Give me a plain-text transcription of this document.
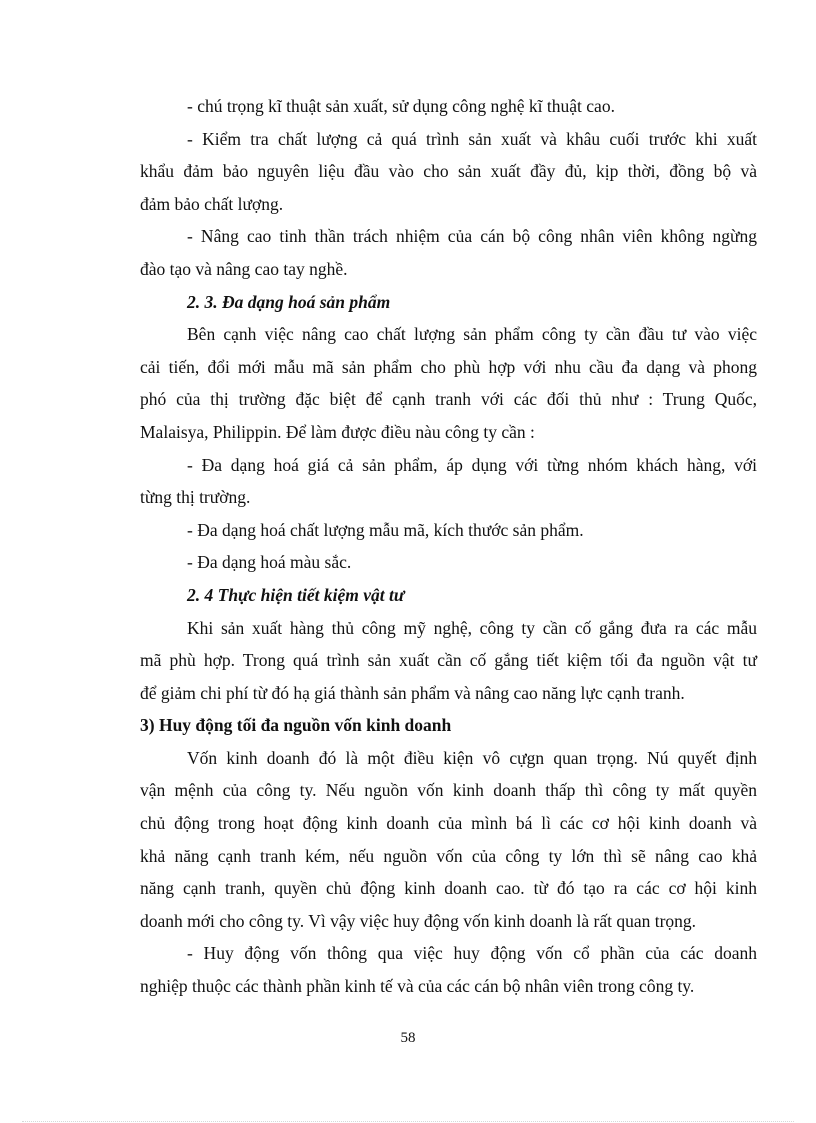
- chú trọng kĩ thuật sản xuất, sử dụng công nghệ kĩ thuật cao.
- Kiểm tra chất lượng cả quá trình sản xuất và khâu cuối trước khi xuất
khẩu đảm bảo nguyên liệu đầu vào cho sản xuất đầy đủ, kịp thời, đồng bộ và
đảm bảo chất lượng.
- Nâng cao tinh thần trách nhiệm của cán bộ công nhân viên không ngừng
đào tạo và nâng cao tay nghề.
2. 3. Đa dạng hoá sản phẩm
Bên cạnh việc nâng cao chất lượng sản phẩm công ty cần đầu tư vào việc
cải tiến, đổi mới mẫu mã sản phẩm cho phù hợp với nhu cầu đa dạng và phong
phó của thị trường đặc biệt để cạnh tranh với các đối thủ như : Trung Quốc,
Malaisya, Philippin. Để làm được điều nàu công ty cần :
- Đa dạng hoá giá cả sản phẩm, áp dụng với từng nhóm khách hàng, với
từng thị trường.
- Đa dạng hoá chất lượng mẫu mã, kích thước sản phẩm.
- Đa dạng hoá màu sắc.
2. 4 Thực hiện tiết kiệm vật tư
Khi sản xuất hàng thủ công mỹ nghệ, công ty cần cố gắng đưa ra các mẫu
mã phù hợp. Trong quá trình sản xuất cần cố gắng tiết kiệm tối đa nguồn vật tư
để giảm chi phí từ đó hạ giá thành sản phẩm và nâng cao năng lực cạnh tranh.
3) Huy động tối đa nguồn vốn kinh doanh
Vốn kinh doanh đó là một điều kiện vô cựgn quan trọng. Nú quyết định
vận mệnh của công ty. Nếu nguồn vốn kinh doanh thấp thì công ty mất quyền
chủ động trong hoạt động kinh doanh của mình bá lì các cơ hội kinh doanh và
khả năng cạnh tranh kém, nếu nguồn vốn của công ty lớn thì sẽ nâng cao khả
năng cạnh tranh, quyền chủ động kinh doanh cao. từ đó tạo ra các cơ hội kinh
doanh mới cho công ty. Vì vậy việc huy động vốn kinh doanh là rất quan trọng.
- Huy động vốn thông qua việc huy động vốn cổ phần của các doanh
nghiệp thuộc các thành phần kinh tế và của các cán bộ nhân viên trong công ty.
58
